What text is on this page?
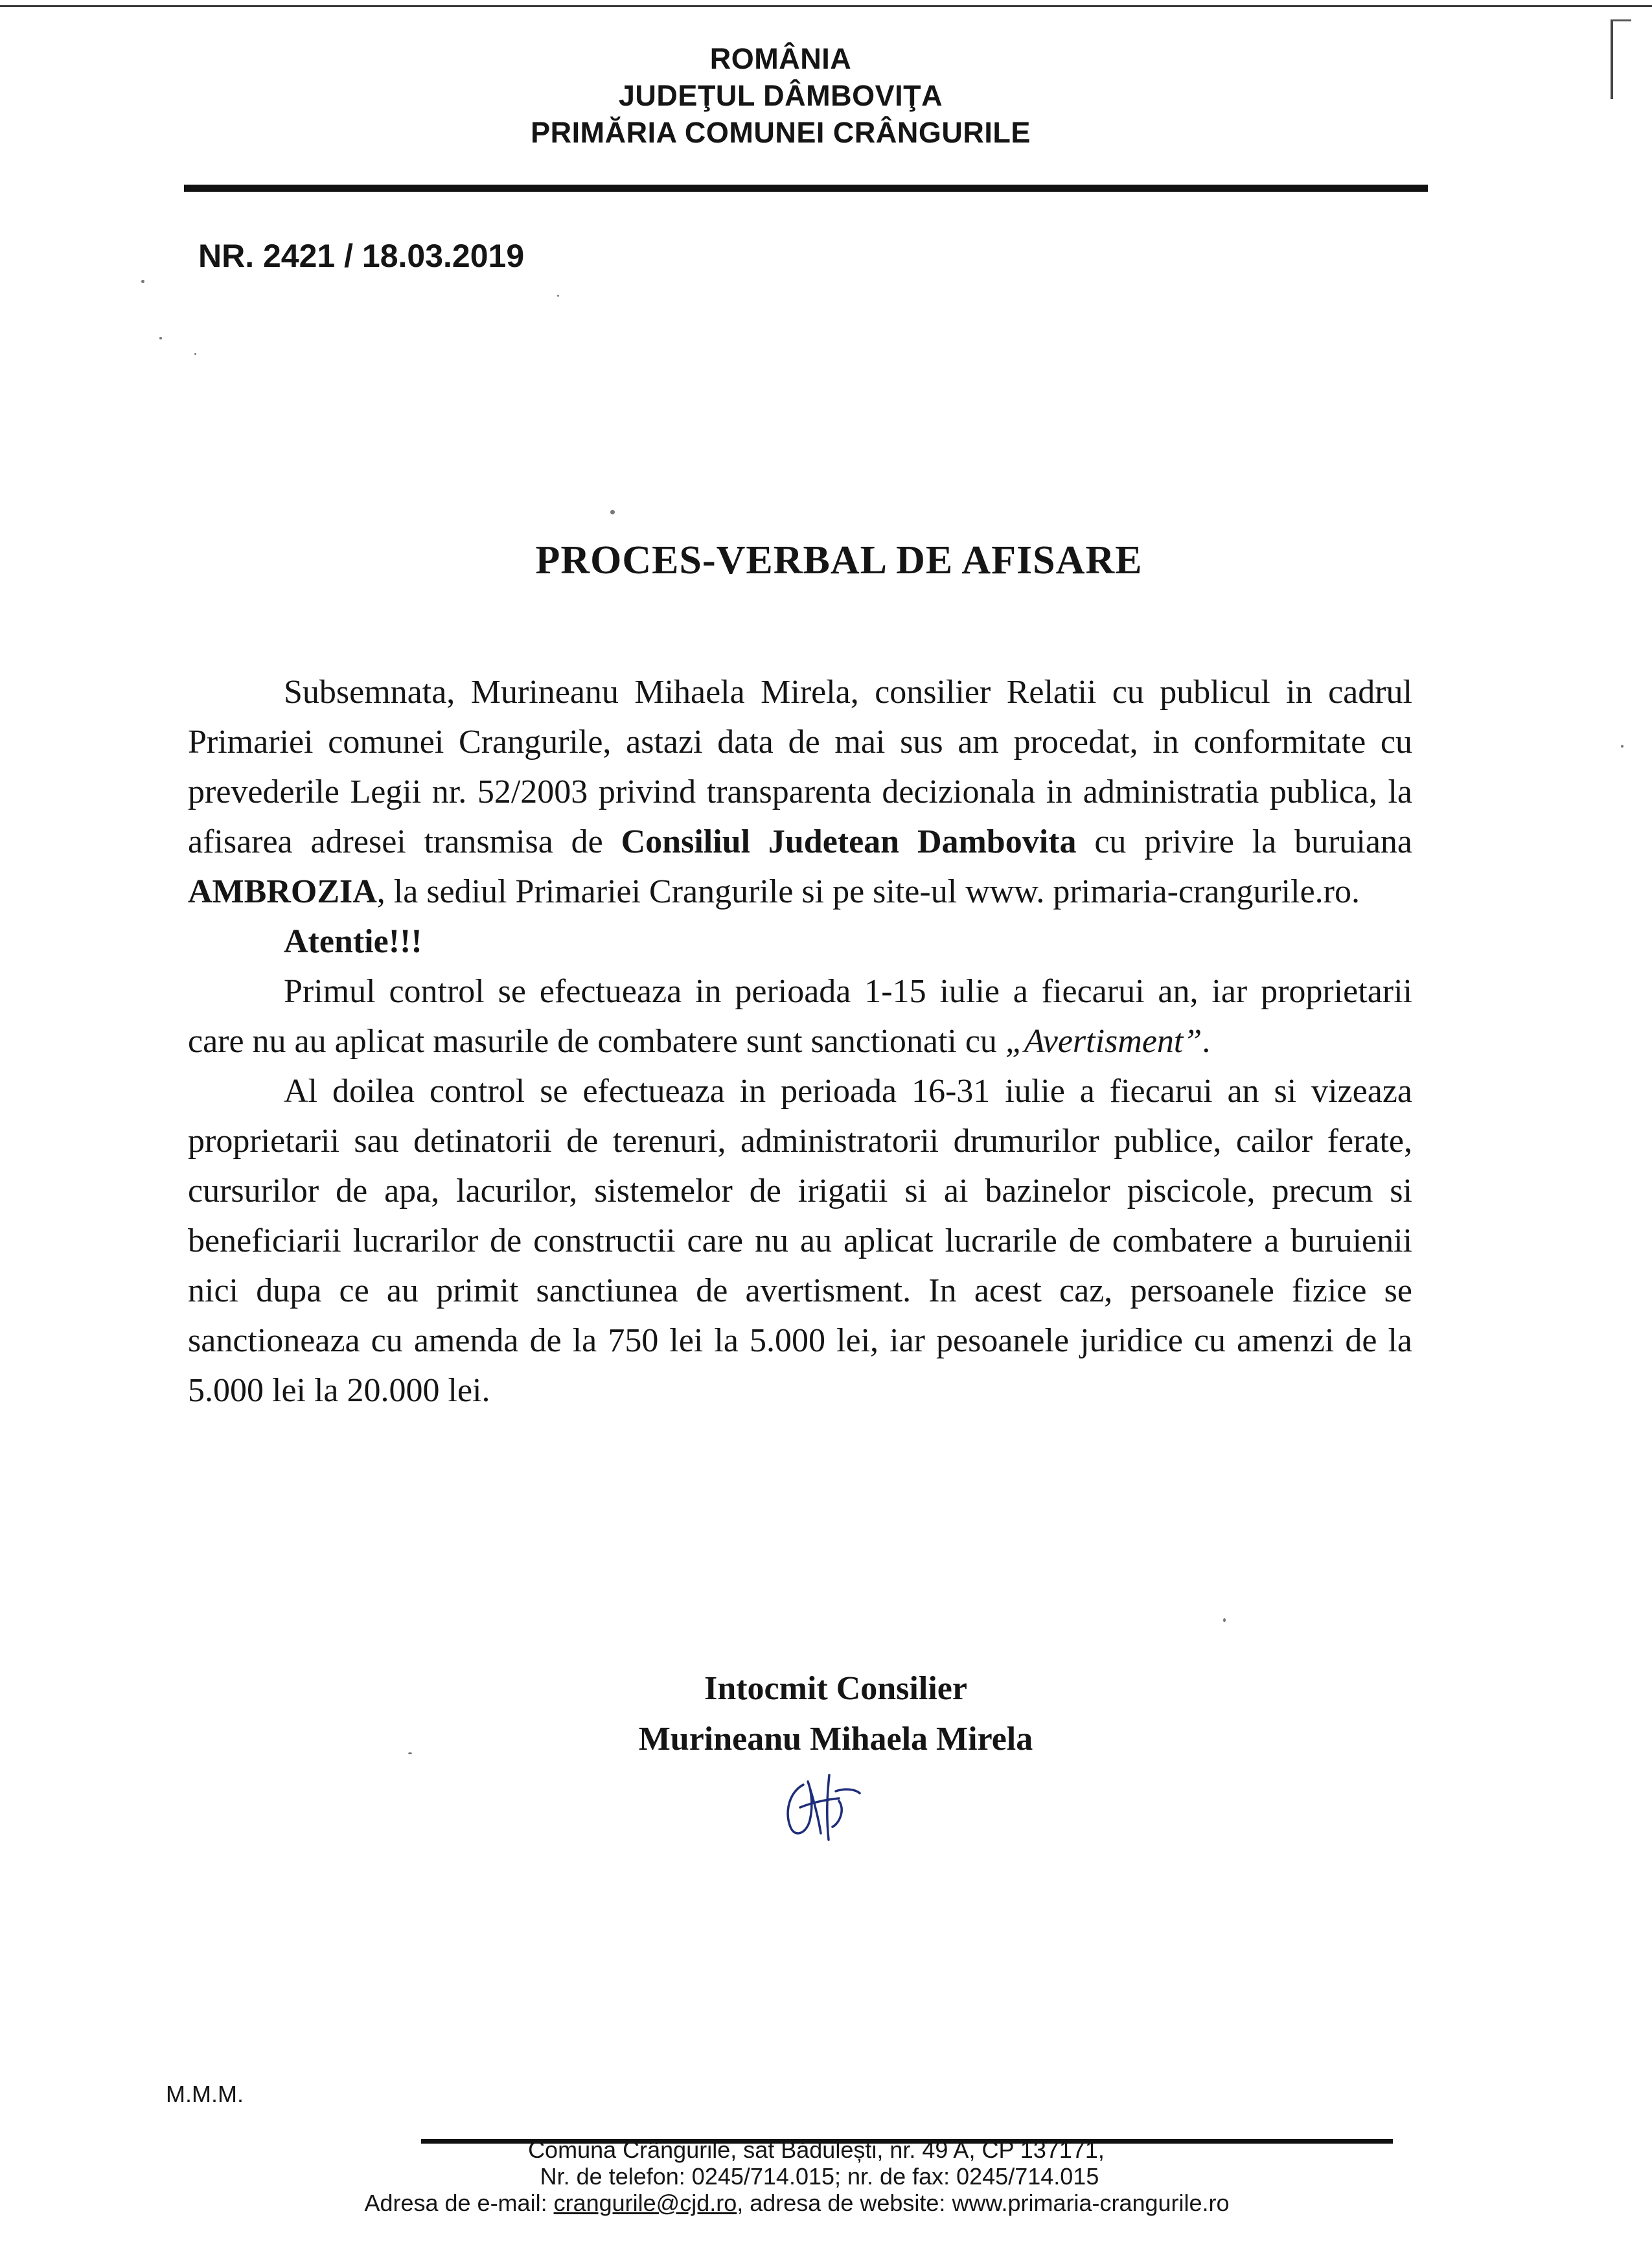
ROMÂNIA
JUDEŢUL DÂMBOVIŢA
PRIMĂRIA COMUNEI CRÂNGURILE
NR. 2421 / 18.03.2019
PROCES-VERBAL DE AFISARE

Subsemnata, Murineanu Mihaela Mirela, consilier Relatii cu publicul in cadrul Primariei comunei Crangurile, astazi data de mai sus am procedat, in conformitate cu prevederile Legii nr. 52/2003 privind transparenta decizionala in administratia publica, la afisarea adresei transmisa de Consiliul Judetean Dambovita cu privire la buruiana AMBROZIA, la sediul Primariei Crangurile si pe site-ul www. primaria-crangurile.ro.

Atentie!!!

Primul control se efectueaza in perioada 1-15 iulie a fiecarui an, iar proprietarii care nu au aplicat masurile de combatere sunt sanctionati cu „Avertisment”.

Al doilea control se efectueaza in perioada 16-31 iulie a fiecarui an si vizeaza proprietarii sau detinatorii de terenuri, administratorii drumurilor publice, cailor ferate, cursurilor de apa, lacurilor, sistemelor de irigatii si ai bazinelor piscicole, precum si beneficiarii lucrarilor de constructii care nu au aplicat lucrarile de combatere a buruienii nici dupa ce au primit sanctiunea de avertisment. In acest caz, persoanele fizice se sanctioneaza cu amenda de la 750 lei la 5.000 lei, iar pesoanele juridice cu amenzi de la 5.000 lei la 20.000 lei.

Intocmit Consilier
Murineanu Mihaela Mirela
M.M.M.

Comuna Crângurile, sat Bădulești, nr. 49 A, CP 137171,

Nr. de telefon: 0245/714.015; nr. de fax: 0245/714.015

Adresa de e-mail: crangurile@cjd.ro, adresa de website: www.primaria-crangurile.ro
